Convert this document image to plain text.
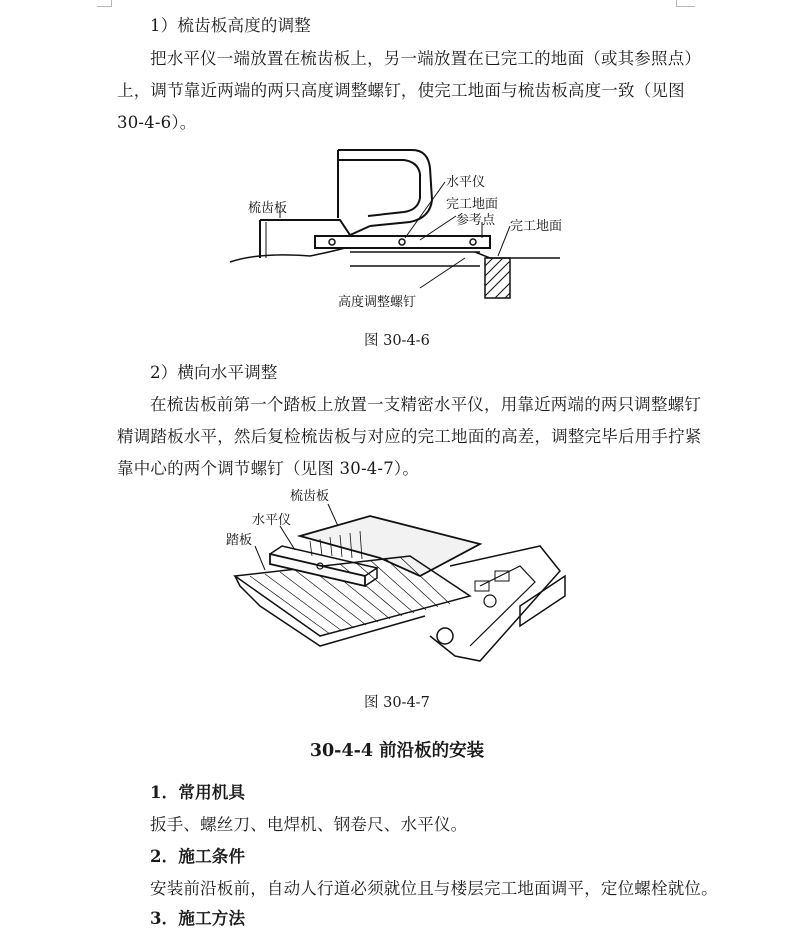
1）梳齿板高度的调整
把水平仪一端放置在梳齿板上，另一端放置在已完工的地面（或其参照点）
上，调节靠近两端的两只高度调整螺钉，使完工地面与梳齿板高度一致（见图
30-4-6）。
梳齿板
水平仪
完工地面
参考点 完工地面
高度调整螺钉
图 30-4-6
2）横向水平调整
在梳齿板前第一个踏板上放置一支精密水平仪，用靠近两端的两只调整螺钉
精调踏板水平，然后复检梳齿板与对应的完工地面的高差，调整完毕后用手拧紧
靠中心的两个调节螺钉（见图 30-4-7）。
梳齿板
水平仪
踏板
图 30-4-7
30-4-4 前沿板的安装
1．常用机具
扳手、螺丝刀、电焊机、钢卷尺、水平仪。
2．施工条件
安装前沿板前，自动人行道必须就位且与楼层完工地面调平，定位螺栓就位。
3．施工方法
